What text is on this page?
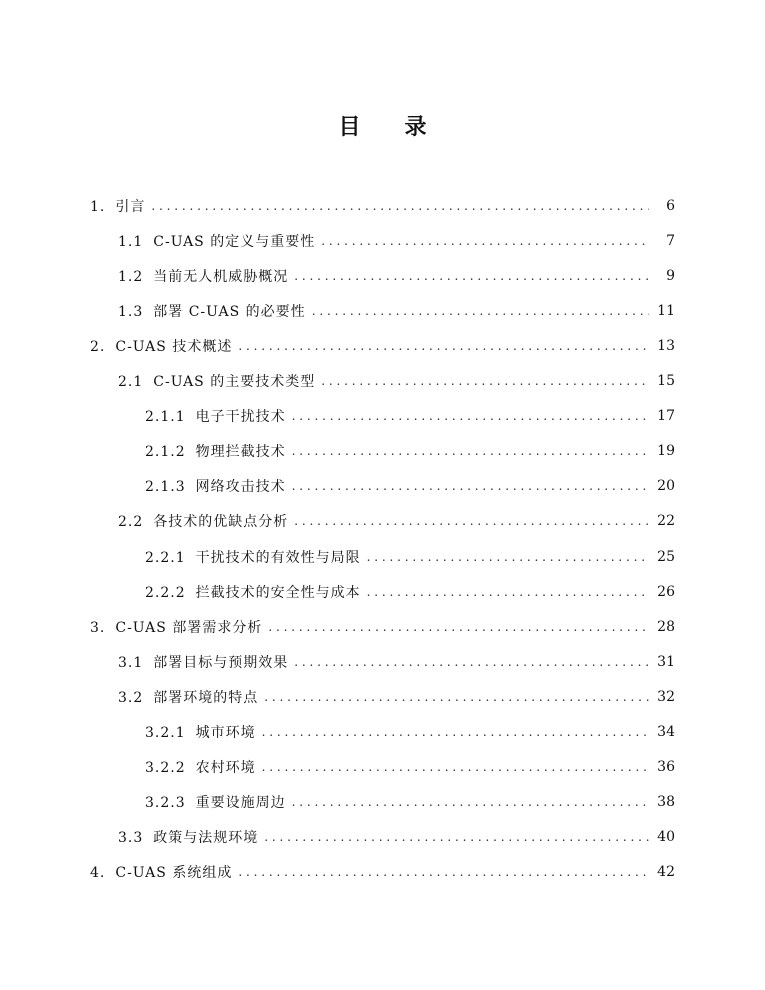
目 录
1. 引言 . . .	6
1.1 C-UAS 的定义与重要性 . . .	7
1.2 当前无人机威胁概况 . . .	9
1.3 部署 C-UAS 的必要性 . . .	11
2. C-UAS 技术概述 . . .	13
2.1 C-UAS 的主要技术类型 . . .	15
2.1.1 电子干扰技术 . . .	17
2.1.2 物理拦截技术 . . .	19
2.1.3 网络攻击技术 . . .	20
2.2 各技术的优缺点分析 . . .	22
2.2.1 干扰技术的有效性与局限 . . .	25
2.2.2 拦截技术的安全性与成本 . . .	26
3. C-UAS 部署需求分析 . . .	28
3.1 部署目标与预期效果 . . .	31
3.2 部署环境的特点 . . .	32
3.2.1 城市环境 . . .	34
3.2.2 农村环境 . . .	36
3.2.3 重要设施周边 . . .	38
3.3 政策与法规环境 . . .	40
4. C-UAS 系统组成 . . .	42
